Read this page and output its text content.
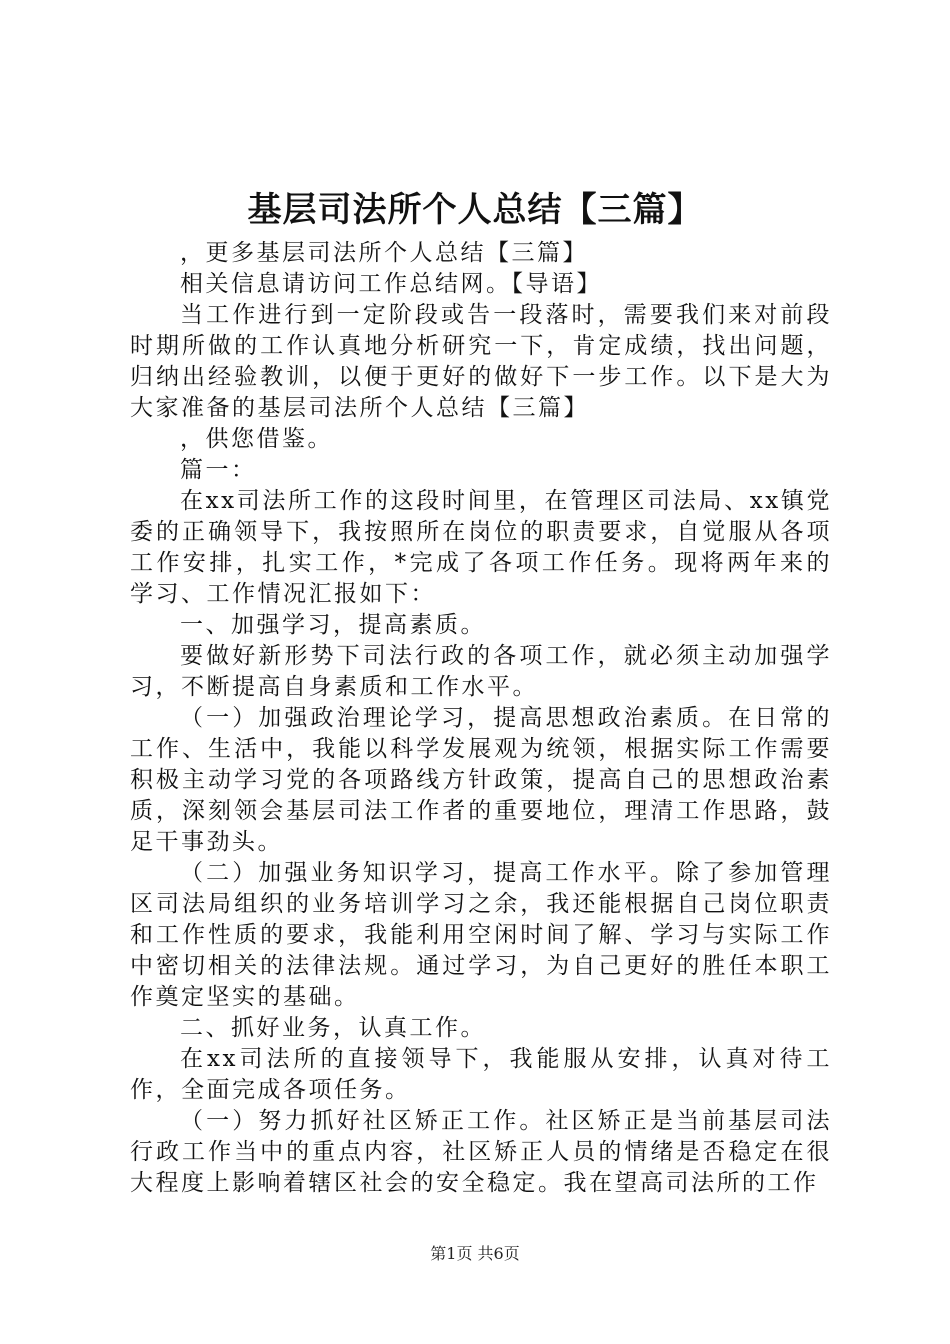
基层司法所个人总结【三篇】

，更多基层司法所个人总结【三篇】

相关信息请访问工作总结网。【导语】

当工作进行到一定阶段或告一段落时，需要我们来对前段时期所做的工作认真地分析研究一下，肯定成绩，找出问题，归纳出经验教训，以便于更好的做好下一步工作。以下是大为大家准备的基层司法所个人总结【三篇】

，供您借鉴。

篇一：

在xx司法所工作的这段时间里，在管理区司法局、xx镇党委的正确领导下，我按照所在岗位的职责要求，自觉服从各项工作安排，扎实工作，*完成了各项工作任务。现将两年来的学习、工作情况汇报如下：

一、加强学习，提高素质。

要做好新形势下司法行政的各项工作，就必须主动加强学习，不断提高自身素质和工作水平。

（一）加强政治理论学习，提高思想政治素质。在日常的工作、生活中，我能以科学发展观为统领，根据实际工作需要积极主动学习党的各项路线方针政策，提高自己的思想政治素质，深刻领会基层司法工作者的重要地位，理清工作思路，鼓足干事劲头。

（二）加强业务知识学习，提高工作水平。除了参加管理区司法局组织的业务培训学习之余，我还能根据自己岗位职责和工作性质的要求，我能利用空闲时间了解、学习与实际工作中密切相关的法律法规。通过学习，为自己更好的胜任本职工作奠定坚实的基础。

二、抓好业务，认真工作。

在xx司法所的直接领导下，我能服从安排，认真对待工作，全面完成各项任务。

（一）努力抓好社区矫正工作。社区矫正是当前基层司法行政工作当中的重点内容，社区矫正人员的情绪是否稳定在很大程度上影响着辖区社会的安全稳定。我在望高司法所的工作

第1页 共6页
